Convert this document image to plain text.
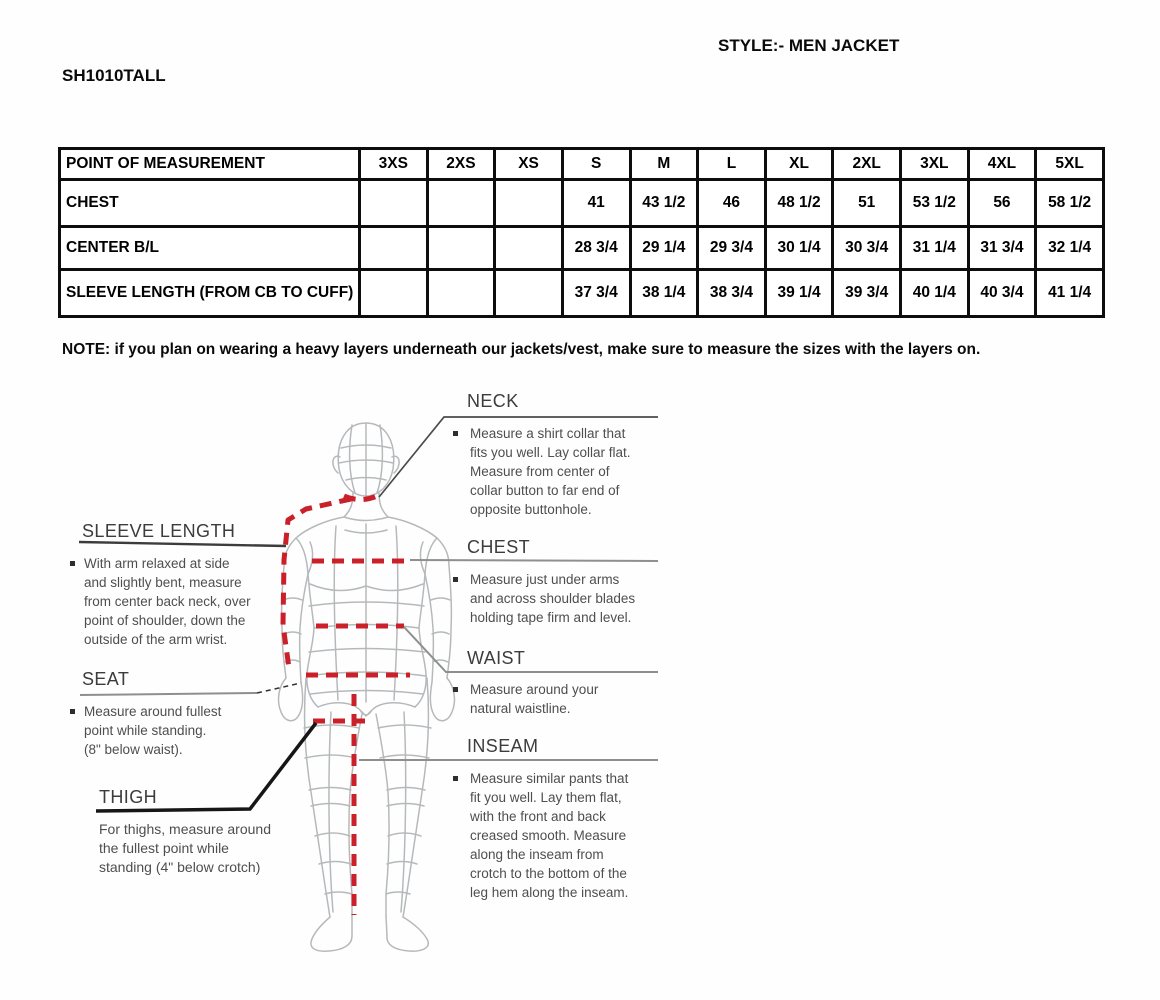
STYLE:- MEN JACKET
SH1010TALL
POINT OF MEASUREMENT	3XS	2XS	XS	S	M	L	XL	2XL	3XL	4XL	5XL
CHEST				41	43 1/2	46	48 1/2	51	53 1/2	56	58 1/2
CENTER B/L				28 3/4	29 1/4	29 3/4	30 1/4	30 3/4	31 1/4	31 3/4	32 1/4
SLEEVE LENGTH (FROM CB TO CUFF)				37 3/4	38 1/4	38 3/4	39 1/4	39 3/4	40 1/4	40 3/4	41 1/4
NOTE: if you plan on wearing a heavy layers underneath our jackets/vest, make sure to measure the sizes with the layers on.
NECK
Measure a shirt collar that
fits you well. Lay collar flat.
Measure from center of
collar button to far end of
opposite buttonhole.
SLEEVE LENGTH
With arm relaxed at side
and slightly bent, measure
from center back neck, over
point of shoulder, down the
outside of the arm wrist.
CHEST
Measure just under arms
and across shoulder blades
holding tape firm and level.
SEAT
Measure around fullest
point while standing.
(8" below waist).
WAIST
Measure around your
natural waistline.
INSEAM
Measure similar pants that
fit you well. Lay them flat,
with the front and back
creased smooth. Measure
along the inseam from
crotch to the bottom of the
leg hem along the inseam.
THIGH
For thighs, measure around
the fullest point while
standing (4" below crotch)
